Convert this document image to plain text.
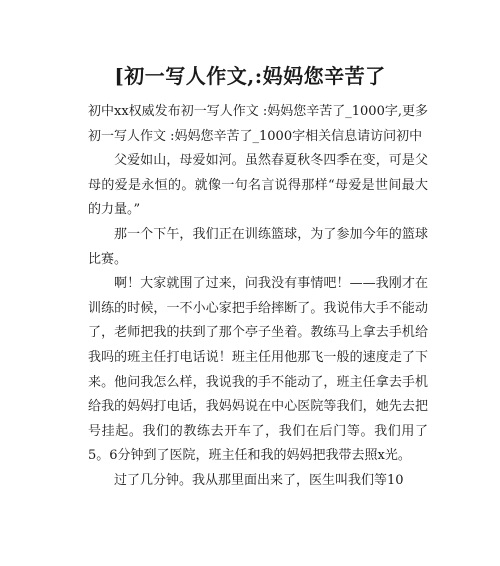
[初一写人作文,:妈妈您辛苦了

初中xx权威发布初一写人作文 :妈妈您辛苦了_1000字,更多初一写人作文 :妈妈您辛苦了_1000字相关信息请访问初中

父爱如山，母爱如河。虽然春夏秋冬四季在变，可是父母的爱是永恒的。就像一句名言说得那样“母爱是世间最大的力量。”

那一个下午，我们正在训练篮球，为了参加今年的篮球比赛。

啊！大家就围了过来，问我没有事情吧！——我刚才在训练的时候，一不小心家把手给摔断了。我说伟大手不能动了，老师把我的扶到了那个亭子坐着。教练马上拿去手机给我吗的班主任打电话说！班主任用他那飞一般的速度走了下来。他问我怎么样，我说我的手不能动了，班主任拿去手机给我的妈妈打电话，我妈妈说在中心医院等我们，她先去把号挂起。我们的教练去开车了，我们在后门等。我们用了5。6分钟到了医院，班主任和我的妈妈把我带去照x光。

过了几分钟。我从那里面出来了，医生叫我们等10
